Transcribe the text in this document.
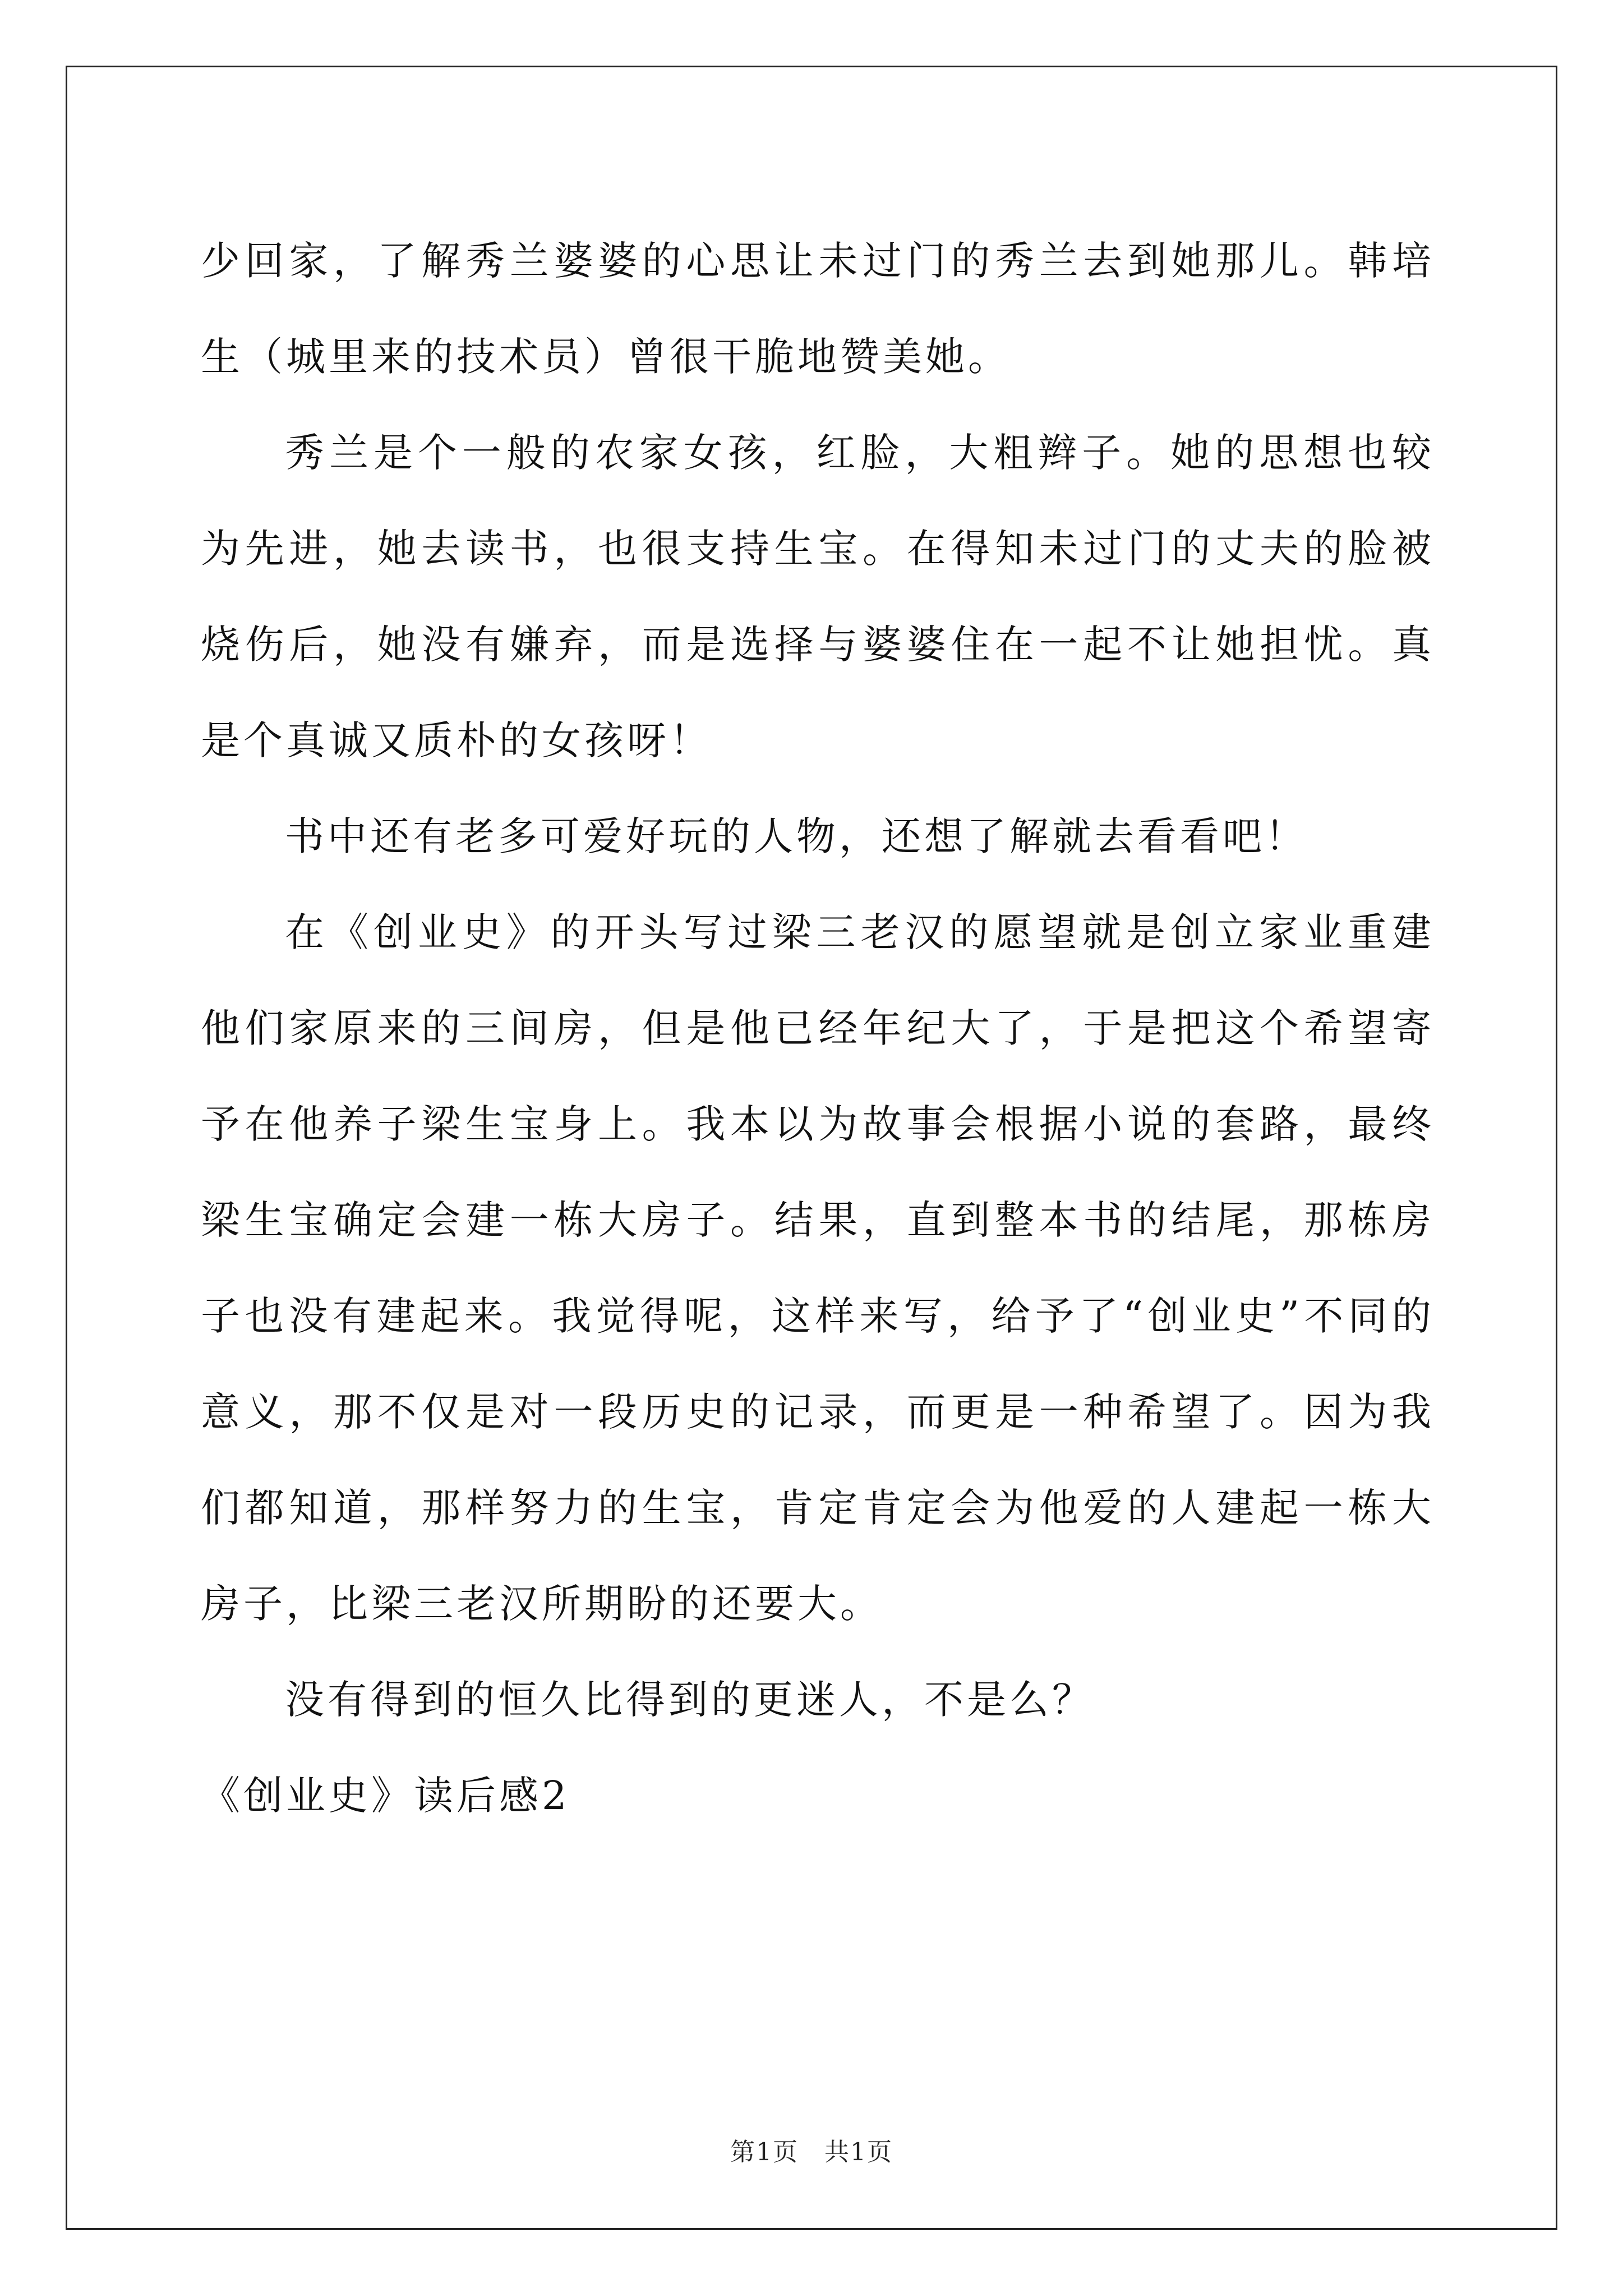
少回家，了解秀兰婆婆的心思让未过门的秀兰去到她那儿。韩培生（城里来的技术员）曾很干脆地赞美她。

秀兰是个一般的农家女孩，红脸，大粗辫子。她的思想也较为先进，她去读书，也很支持生宝。在得知未过门的丈夫的脸被烧伤后，她没有嫌弃，而是选择与婆婆住在一起不让她担忧。真是个真诚又质朴的女孩呀！

书中还有老多可爱好玩的人物，还想了解就去看看吧！

在《创业史》的开头写过梁三老汉的愿望就是创立家业重建他们家原来的三间房，但是他已经年纪大了，于是把这个希望寄予在他养子梁生宝身上。我本以为故事会根据小说的套路，最终梁生宝确定会建一栋大房子。结果，直到整本书的结尾，那栋房子也没有建起来。我觉得呢，这样来写，给予了“创业史”不同的意义，那不仅是对一段历史的记录，而更是一种希望了。因为我们都知道，那样努力的生宝，肯定肯定会为他爱的人建起一栋大房子，比梁三老汉所期盼的还要大。

没有得到的恒久比得到的更迷人，不是么？

《创业史》读后感2

第1页　共1页
